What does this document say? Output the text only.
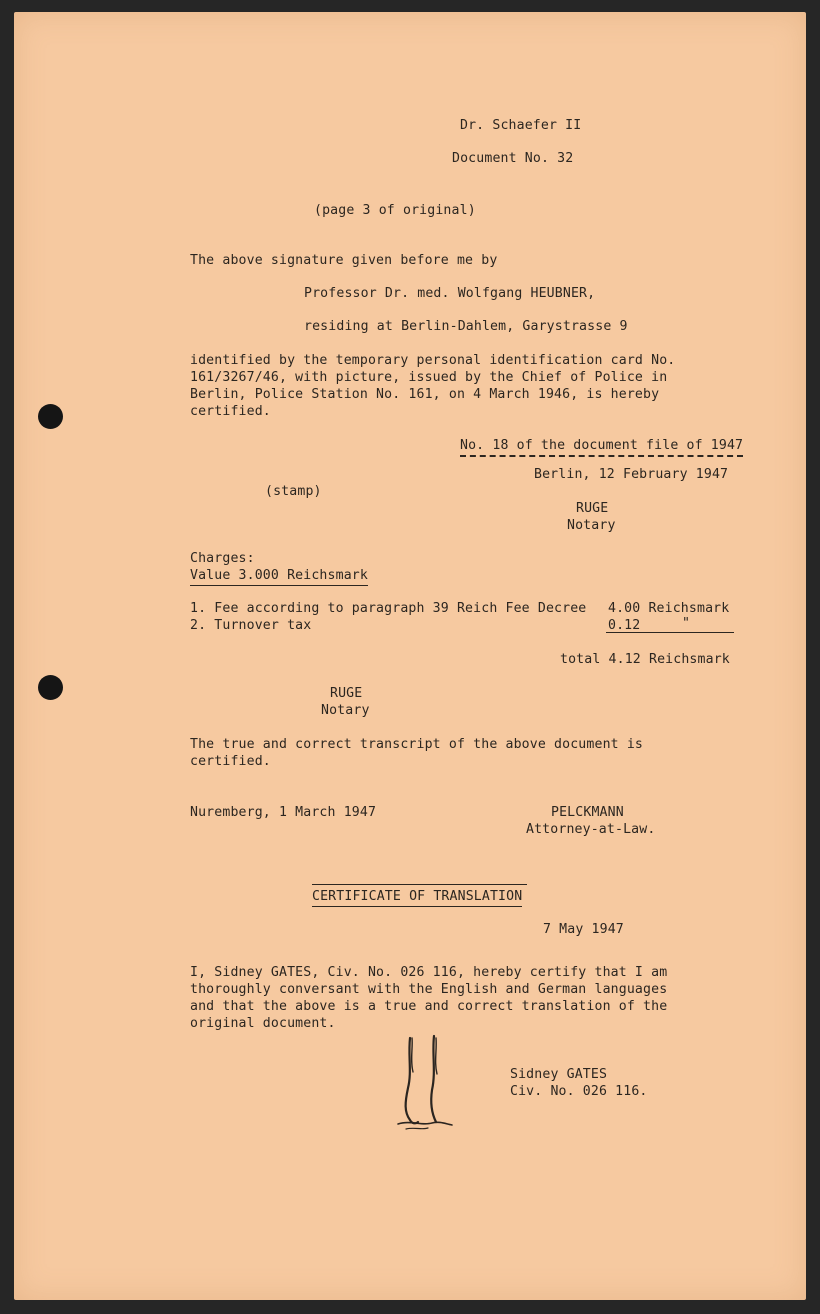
Dr. Schaefer II
Document No. 32
(page 3 of original)
The above signature given before me by
Professor Dr. med. Wolfgang HEUBNER,
residing at Berlin-Dahlem, Garystrasse 9
identified by the temporary personal identification card No.
161/3267/46, with picture, issued by the Chief of Police in
Berlin, Police Station No. 161, on 4 March 1946, is hereby
certified.
No. 18 of the document file of 1947
Berlin, 12 February 1947
(stamp)
RUGE
Notary
Charges:
Value 3.000 Reichsmark
1. Fee according to paragraph 39 Reich Fee Decree 4.00 Reichsmark
2. Turnover tax	0.12	"
total 4.12 Reichsmark
RUGE
Notary
The true and correct transcript of the above document is
certified.
Nuremberg, 1 March 1947	PELCKMANN
Attorney-at-Law.
CERTIFICATE OF TRANSLATION
7 May 1947
I, Sidney GATES, Civ. No. 026 116, hereby certify that I am
thoroughly conversant with the English and German languages
and that the above is a true and correct translation of the
original document.
Sidney GATES
Civ. No. 026 116.
